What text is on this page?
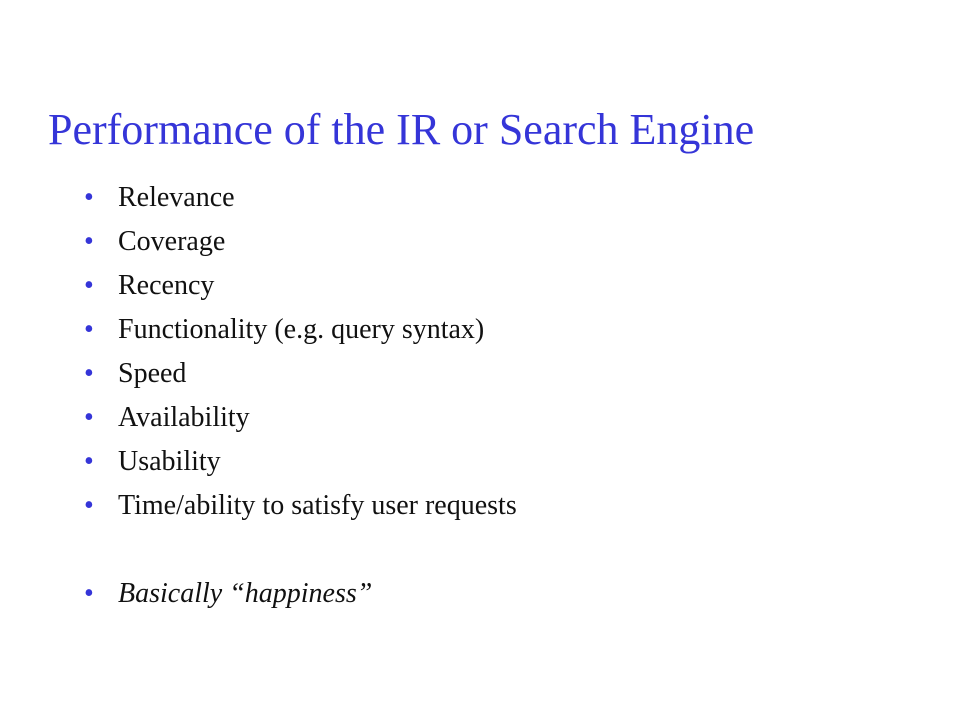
Performance of the IR or Search Engine
• Relevance
• Coverage
• Recency
• Functionality (e.g. query syntax)
• Speed
• Availability
• Usability
• Time/ability to satisfy user requests
• Basically “happiness”
